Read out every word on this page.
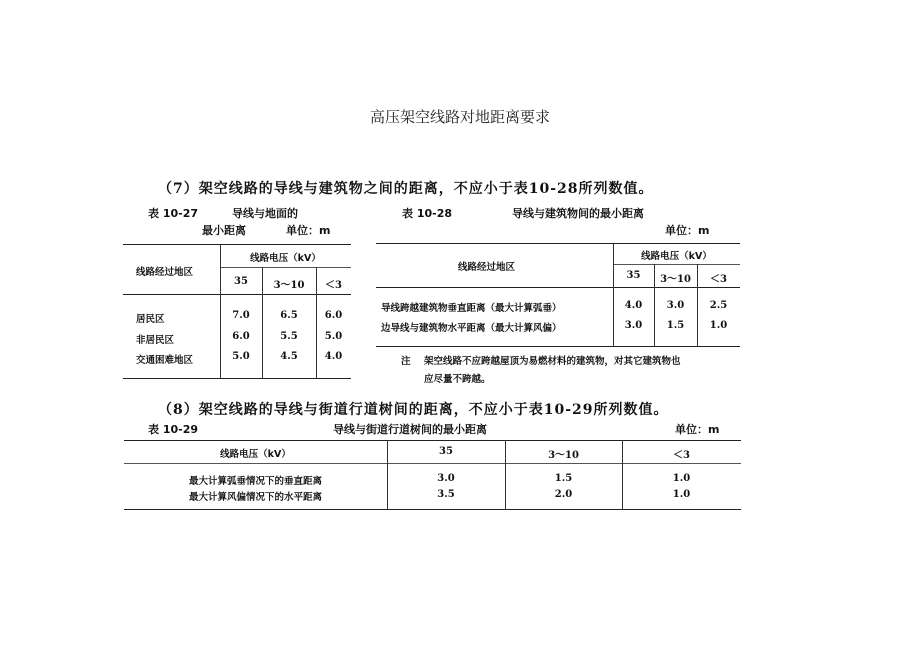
高压架空线路对地距离要求
（7）架空线路的导线与建筑物之间的距离，不应小于表10-28所列数值。
表 10-27	导线与地面的
最小距离	单位：m
线路经过地区
线路电压（kV）
35	3～10	＜3
居民区	7.0	6.5	6.0
非居民区	6.0	5.5	5.0
交通困难地区	5.0	4.5	4.0
表 10-28	导线与建筑物间的最小距离
单位：m
线路经过地区
线路电压（kV）
35	3～10	＜3
导线跨越建筑物垂直距离（最大计算弧垂）	4.0	3.0	2.5
边导线与建筑物水平距离（最大计算风偏）	3.0	1.5	1.0
注 架空线路不应跨越屋顶为易燃材料的建筑物，对其它建筑物也
应尽量不跨越。
（8）架空线路的导线与街道行道树间的距离，不应小于表10-29所列数值。
表 10-29	导线与街道行道树间的最小距离	单位：m
线路电压（kV）	35	3～10	＜3
最大计算弧垂情况下的垂直距离	3.0	1.5	1.0
最大计算风偏情况下的水平距离	3.5	2.0	1.0
